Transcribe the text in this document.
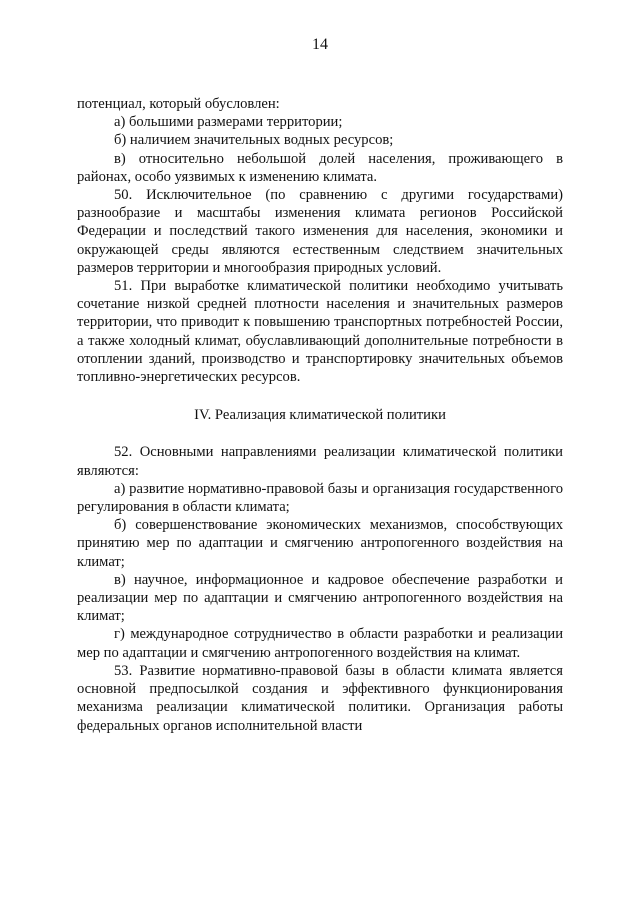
14

потенциал, который обусловлен:

а) большими размерами территории;

б) наличием значительных водных ресурсов;

в) относительно небольшой долей населения, проживающего в районах, особо уязвимых к изменению климата.

50. Исключительное (по сравнению с другими государствами) разнообразие и масштабы изменения климата регионов Российской Федерации и последствий такого изменения для населения, экономики и окружающей среды являются естественным следствием значительных размеров территории и многообразия природных условий.

51. При выработке климатической политики необходимо учитывать сочетание низкой средней плотности населения и значительных размеров территории, что приводит к повышению транспортных потребностей России, а также холодный климат, обуславливающий дополнительные потребности в отоплении зданий, производство и транспортировку значительных объемов топливно-энергетических ресурсов.

IV. Реализация климатической политики

52. Основными направлениями реализации климатической политики являются:

а) развитие нормативно-правовой базы и организация государственного регулирования в области климата;

б) совершенствование экономических механизмов, способствующих принятию мер по адаптации и смягчению антропогенного воздействия на климат;

в) научное, информационное и кадровое обеспечение разработки и реализации мер по адаптации и смягчению антропогенного воздействия на климат;

г) международное сотрудничество в области разработки и реализации мер по адаптации и смягчению антропогенного воздействия на климат.

53. Развитие нормативно-правовой базы в области климата является основной предпосылкой создания и эффективного функционирования механизма реализации климатической политики. Организация работы федеральных органов исполнительной власти
